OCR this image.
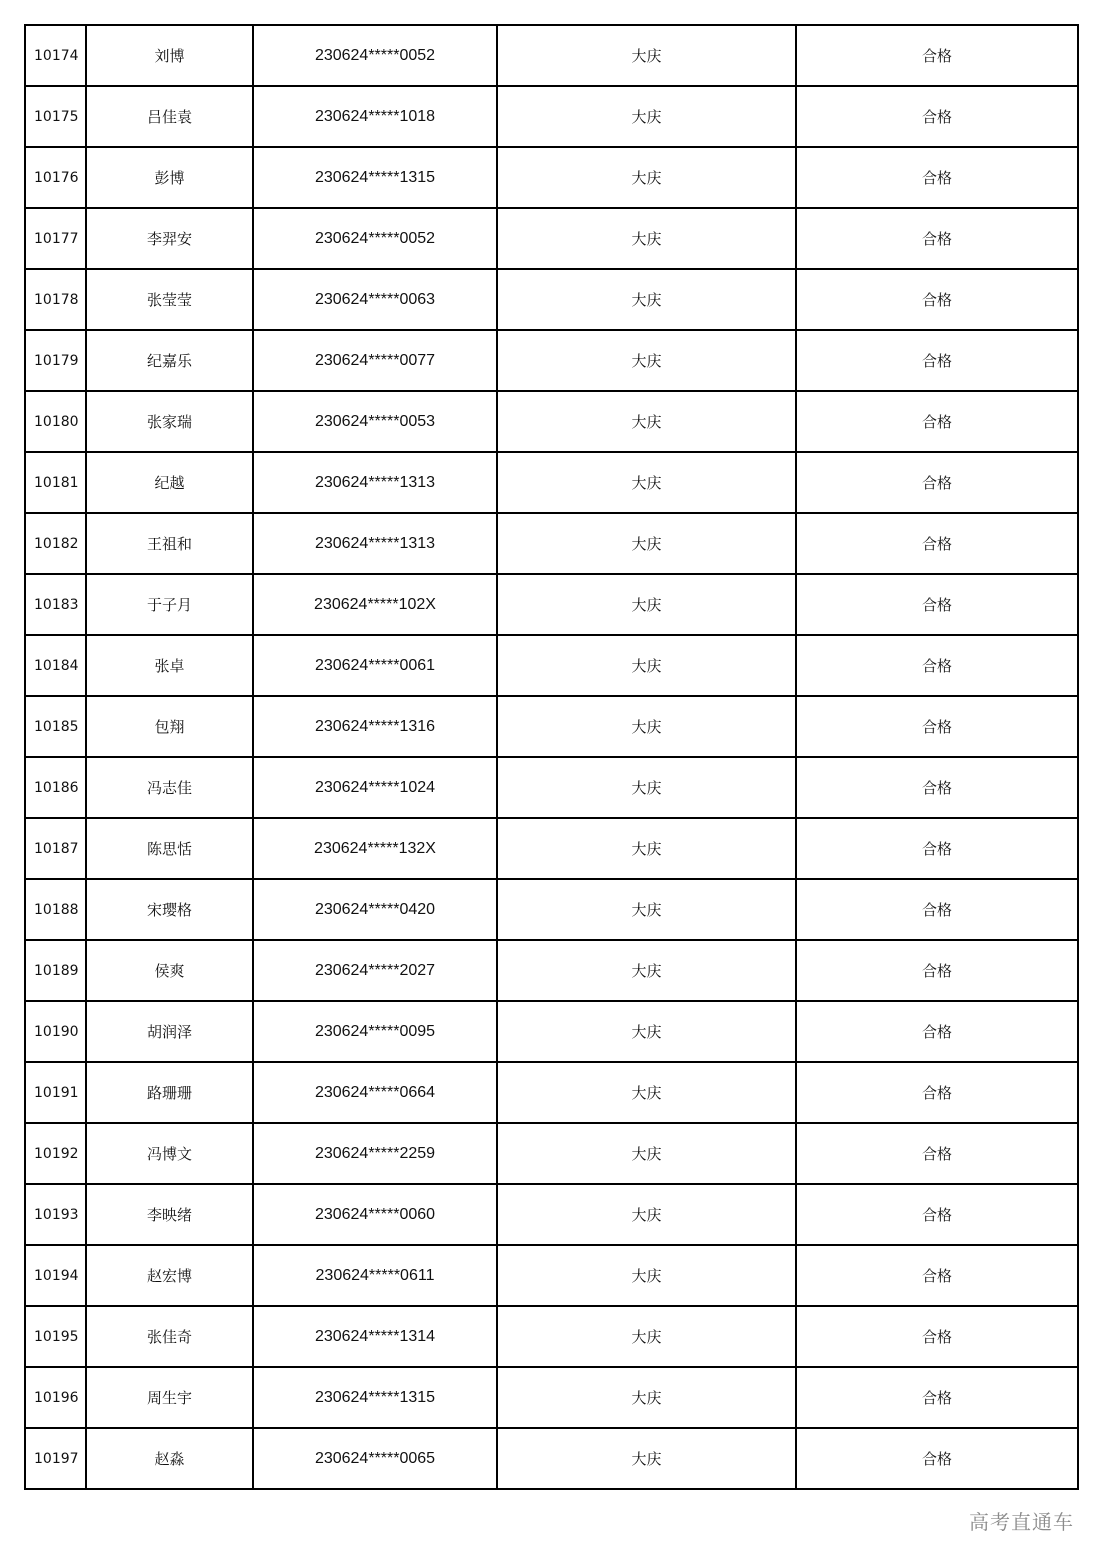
10174	刘博	230624*****0052	大庆	合格
10175	吕佳袁	230624*****1018	大庆	合格
10176	彭博	230624*****1315	大庆	合格
10177	李羿安	230624*****0052	大庆	合格
10178	张莹莹	230624*****0063	大庆	合格
10179	纪嘉乐	230624*****0077	大庆	合格
10180	张家瑞	230624*****0053	大庆	合格
10181	纪越	230624*****1313	大庆	合格
10182	王祖和	230624*****1313	大庆	合格
10183	于子月	230624*****102X	大庆	合格
10184	张卓	230624*****0061	大庆	合格
10185	包翔	230624*****1316	大庆	合格
10186	冯志佳	230624*****1024	大庆	合格
10187	陈思恬	230624*****132X	大庆	合格
10188	宋璎格	230624*****0420	大庆	合格
10189	侯爽	230624*****2027	大庆	合格
10190	胡润泽	230624*****0095	大庆	合格
10191	路珊珊	230624*****0664	大庆	合格
10192	冯博文	230624*****2259	大庆	合格
10193	李映绪	230624*****0060	大庆	合格
10194	赵宏博	230624*****0611	大庆	合格
10195	张佳奇	230624*****1314	大庆	合格
10196	周生宇	230624*****1315	大庆	合格
10197	赵淼	230624*****0065	大庆	合格
高考直通车
